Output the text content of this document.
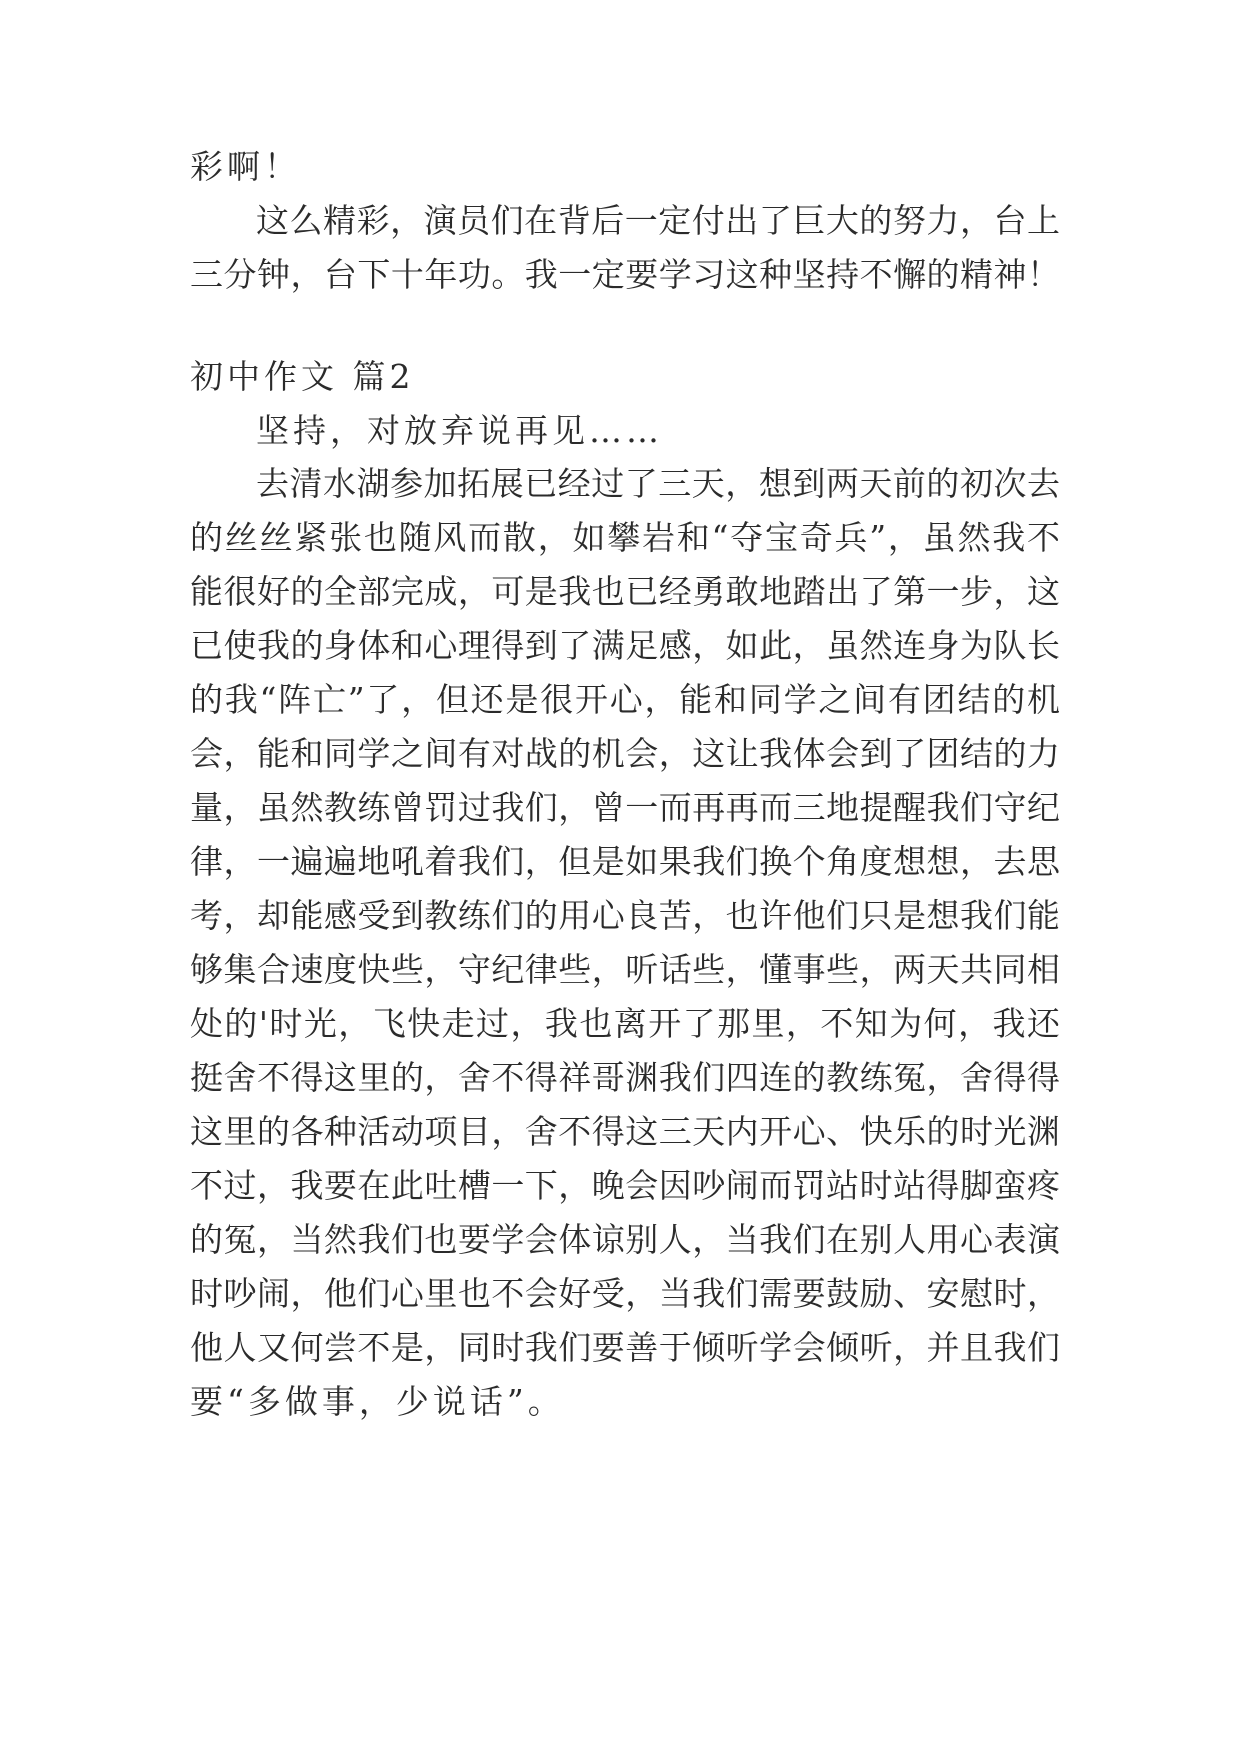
彩啊！
这么精彩，演员们在背后一定付出了巨大的努力，台上
三分钟，台下十年功。我一定要学习这种坚持不懈的精神！
初中作文 篇2
坚持，对放弃说再见……
去清水湖参加拓展已经过了三天，想到两天前的初次去
的丝丝紧张也随风而散，如攀岩和“夺宝奇兵”，虽然我不
能很好的全部完成，可是我也已经勇敢地踏出了第一步，这
已使我的身体和心理得到了满足感，如此，虽然连身为队长
的我“阵亡”了，但还是很开心，能和同学之间有团结的机
会，能和同学之间有对战的机会，这让我体会到了团结的力
量，虽然教练曾罚过我们，曾一而再再而三地提醒我们守纪
律，一遍遍地吼着我们，但是如果我们换个角度想想，去思
考，却能感受到教练们的用心良苦，也许他们只是想我们能
够集合速度快些，守纪律些，听话些，懂事些，两天共同相
处的'时光，飞快走过，我也离开了那里，不知为何，我还
挺舍不得这里的，舍不得祥哥渊我们四连的教练冤，舍得得
这里的各种活动项目，舍不得这三天内开心、快乐的时光渊
不过，我要在此吐槽一下，晚会因吵闹而罚站时站得脚蛮疼
的冤，当然我们也要学会体谅别人，当我们在别人用心表演
时吵闹，他们心里也不会好受，当我们需要鼓励、安慰时，
他人又何尝不是，同时我们要善于倾听学会倾听，并且我们
要“多做事，少说话”。
